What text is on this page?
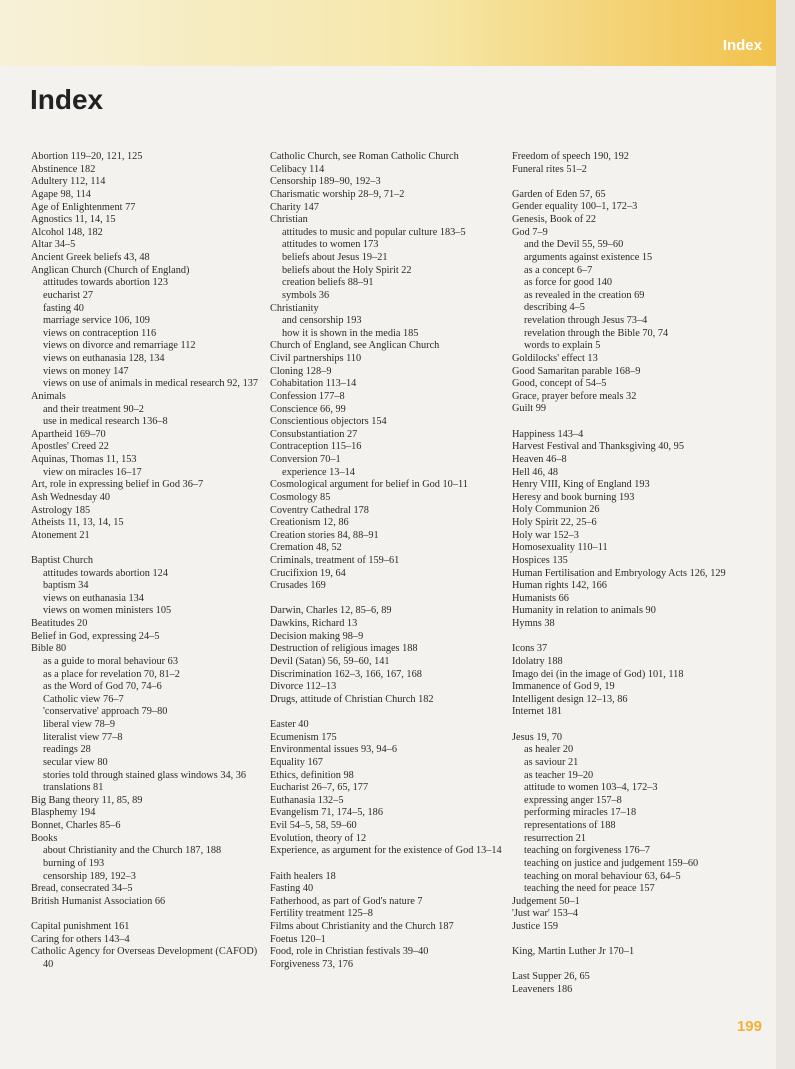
Index
Index
Abortion 119–20, 121, 125
Abstinence 182
Adultery 112, 114
Agape 98, 114
Age of Enlightenment 77
Agnostics 11, 14, 15
Alcohol 148, 182
Altar 34–5
Ancient Greek beliefs 43, 48
Anglican Church (Church of England)
attitudes towards abortion 123
eucharist 27
fasting 40
marriage service 106, 109
views on contraception 116
views on divorce and remarriage 112
views on euthanasia 128, 134
views on money 147
views on use of animals in medical research 92, 137
Animals
and their treatment 90–2
use in medical research 136–8
Apartheid 169–70
Apostles' Creed 22
Aquinas, Thomas 11, 153
view on miracles 16–17
Art, role in expressing belief in God 36–7
Ash Wednesday 40
Astrology 185
Atheists 11, 13, 14, 15
Atonement 21
Baptist Church
attitudes towards abortion 124
baptism 34
views on euthanasia 134
views on women ministers 105
Beatitudes 20
Belief in God, expressing 24–5
Bible 80
as a guide to moral behaviour 63
as a place for revelation 70, 81–2
as the Word of God 70, 74–6
Catholic view 76–7
'conservative' approach 79–80
liberal view 78–9
literalist view 77–8
readings 28
secular view 80
stories told through stained glass windows 34, 36
translations 81
Big Bang theory 11, 85, 89
Blasphemy 194
Bonnet, Charles 85–6
Books
about Christianity and the Church 187, 188
burning of 193
censorship 189, 192–3
Bread, consecrated 34–5
British Humanist Association 66
Capital punishment 161
Caring for others 143–4
Catholic Agency for Overseas Development (CAFOD) 40
Catholic Church, see Roman Catholic Church
Celibacy 114
Censorship 189–90, 192–3
Charismatic worship 28–9, 71–2
Charity 147
Christian
attitudes to music and popular culture 183–5
attitudes to women 173
beliefs about Jesus 19–21
beliefs about the Holy Spirit 22
creation beliefs 88–91
symbols 36
Christianity
and censorship 193
how it is shown in the media 185
Church of England, see Anglican Church
Civil partnerships 110
Cloning 128–9
Cohabitation 113–14
Confession 177–8
Conscience 66, 99
Conscientious objectors 154
Consubstantiation 27
Contraception 115–16
Conversion 70–1
experience 13–14
Cosmological argument for belief in God 10–11
Cosmology 85
Coventry Cathedral 178
Creationism 12, 86
Creation stories 84, 88–91
Cremation 48, 52
Criminals, treatment of 159–61
Crucifixion 19, 64
Crusades 169
Darwin, Charles 12, 85–6, 89
Dawkins, Richard 13
Decision making 98–9
Destruction of religious images 188
Devil (Satan) 56, 59–60, 141
Discrimination 162–3, 166, 167, 168
Divorce 112–13
Drugs, attitude of Christian Church 182
Easter 40
Ecumenism 175
Environmental issues 93, 94–6
Equality 167
Ethics, definition 98
Eucharist 26–7, 65, 177
Euthanasia 132–5
Evangelism 71, 174–5, 186
Evil 54–5, 58, 59–60
Evolution, theory of 12
Experience, as argument for the existence of God 13–14
Faith healers 18
Fasting 40
Fatherhood, as part of God's nature 7
Fertility treatment 125–8
Films about Christianity and the Church 187
Foetus 120–1
Food, role in Christian festivals 39–40
Forgiveness 73, 176
Freedom of speech 190, 192
Funeral rites 51–2
Garden of Eden 57, 65
Gender equality 100–1, 172–3
Genesis, Book of 22
God 7–9
and the Devil 55, 59–60
arguments against existence 15
as a concept 6–7
as force for good 140
as revealed in the creation 69
describing 4–5
revelation through Jesus 73–4
revelation through the Bible 70, 74
words to explain 5
Goldilocks' effect 13
Good Samaritan parable 168–9
Good, concept of 54–5
Grace, prayer before meals 32
Guilt 99
Happiness 143–4
Harvest Festival and Thanksgiving 40, 95
Heaven 46–8
Hell 46, 48
Henry VIII, King of England 193
Heresy and book burning 193
Holy Communion 26
Holy Spirit 22, 25–6
Holy war 152–3
Homosexuality 110–11
Hospices 135
Human Fertilisation and Embryology Acts 126, 129
Human rights 142, 166
Humanists 66
Humanity in relation to animals 90
Hymns 38
Icons 37
Idolatry 188
Imago dei (in the image of God) 101, 118
Immanence of God 9, 19
Intelligent design 12–13, 86
Internet 181
Jesus 19, 70
as healer 20
as saviour 21
as teacher 19–20
attitude to women 103–4, 172–3
expressing anger 157–8
performing miracles 17–18
representations of 188
resurrection 21
teaching on forgiveness 176–7
teaching on justice and judgement 159–60
teaching on moral behaviour 63, 64–5
teaching the need for peace 157
Judgement 50–1
'Just war' 153–4
Justice 159
King, Martin Luther Jr 170–1
Last Supper 26, 65
Leaveners 186
199
